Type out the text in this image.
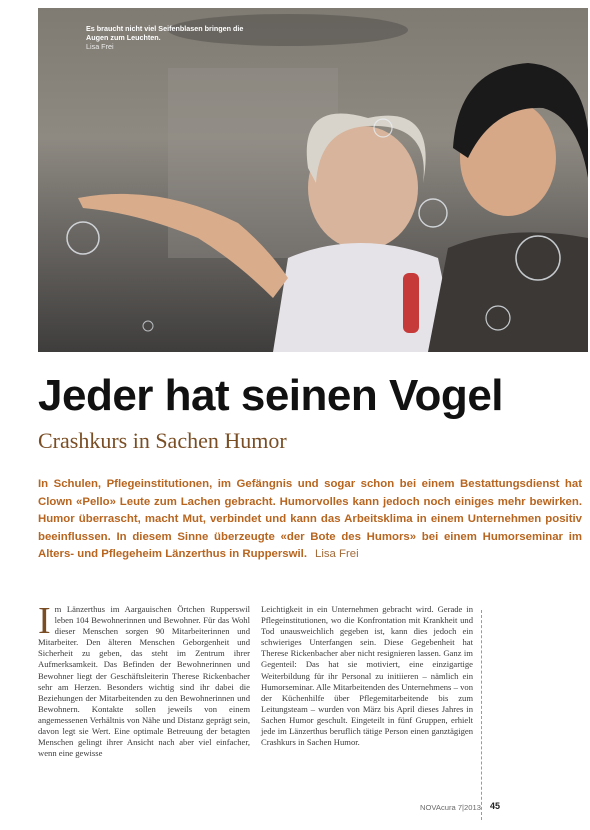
Es braucht nicht viel Seifenblasen bringen die Augen zum Leuchten.
Lisa Frei
Jeder hat seinen Vogel
Crashkurs in Sachen Humor

In Schulen, Pflegeinstitutionen, im Gefängnis und sogar schon bei einem Bestattungsdienst hat Clown «Pello» Leute zum Lachen gebracht. Humorvolles kann jedoch noch einiges mehr bewirken. Humor überrascht, macht Mut, verbindet und kann das Arbeitsklima in einem Unternehmen positiv beeinflussen. In diesem Sinne überzeugte «der Bote des Humors» bei einem Humorseminar im Alters- und Pflegeheim Länzerthus in Rupperswil. Lisa Frei

Im Länzerthus im Aargauischen Örtchen Rupperswil leben 104 Bewohnerinnen und Bewohner. Für das Wohl dieser Menschen sorgen 90 Mitarbeiterinnen und Mitarbeiter. Den älteren Menschen Geborgenheit und Sicherheit zu geben, das steht im Zentrum ihrer Aufmerksamkeit. Das Befinden der Bewohnerinnen und Bewohner liegt der Geschäftsleiterin Therese Rickenbacher sehr am Herzen. Besonders wichtig sind ihr dabei die Beziehungen der Mitarbeitenden zu den Bewohnerinnen und Bewohnern. Kontakte sollen jeweils von einem angemessenen Verhältnis von Nähe und Distanz geprägt sein, davon legt sie Wert. Eine optimale Betreuung der betagten Menschen gelingt ihrer Ansicht nach aber viel einfacher, wenn eine gewisse

Leichtigkeit in ein Unternehmen gebracht wird. Gerade in Pflegeinstitutionen, wo die Konfrontation mit Krankheit und Tod unausweichlich gegeben ist, kann dies jedoch ein schwieriges Unterfangen sein. Diese Gegebenheit hat Therese Rickenbacher aber nicht resignieren lassen. Ganz im Gegenteil: Das hat sie motiviert, eine einzigartige Weiterbildung für ihr Personal zu initiieren – nämlich ein Humorseminar. Alle Mitarbeitenden des Unternehmens – von der Küchenhilfe über Pflegemitarbeitende bis zum Leitungsteam – wurden von März bis April dieses Jahres in Sachen Humor geschult. Eingeteilt in fünf Gruppen, erhielt jede im Länzerthus beruflich tätige Person einen ganztägigen Crashkurs in Sachen Humor.

NOVAcura 7|2013 45
